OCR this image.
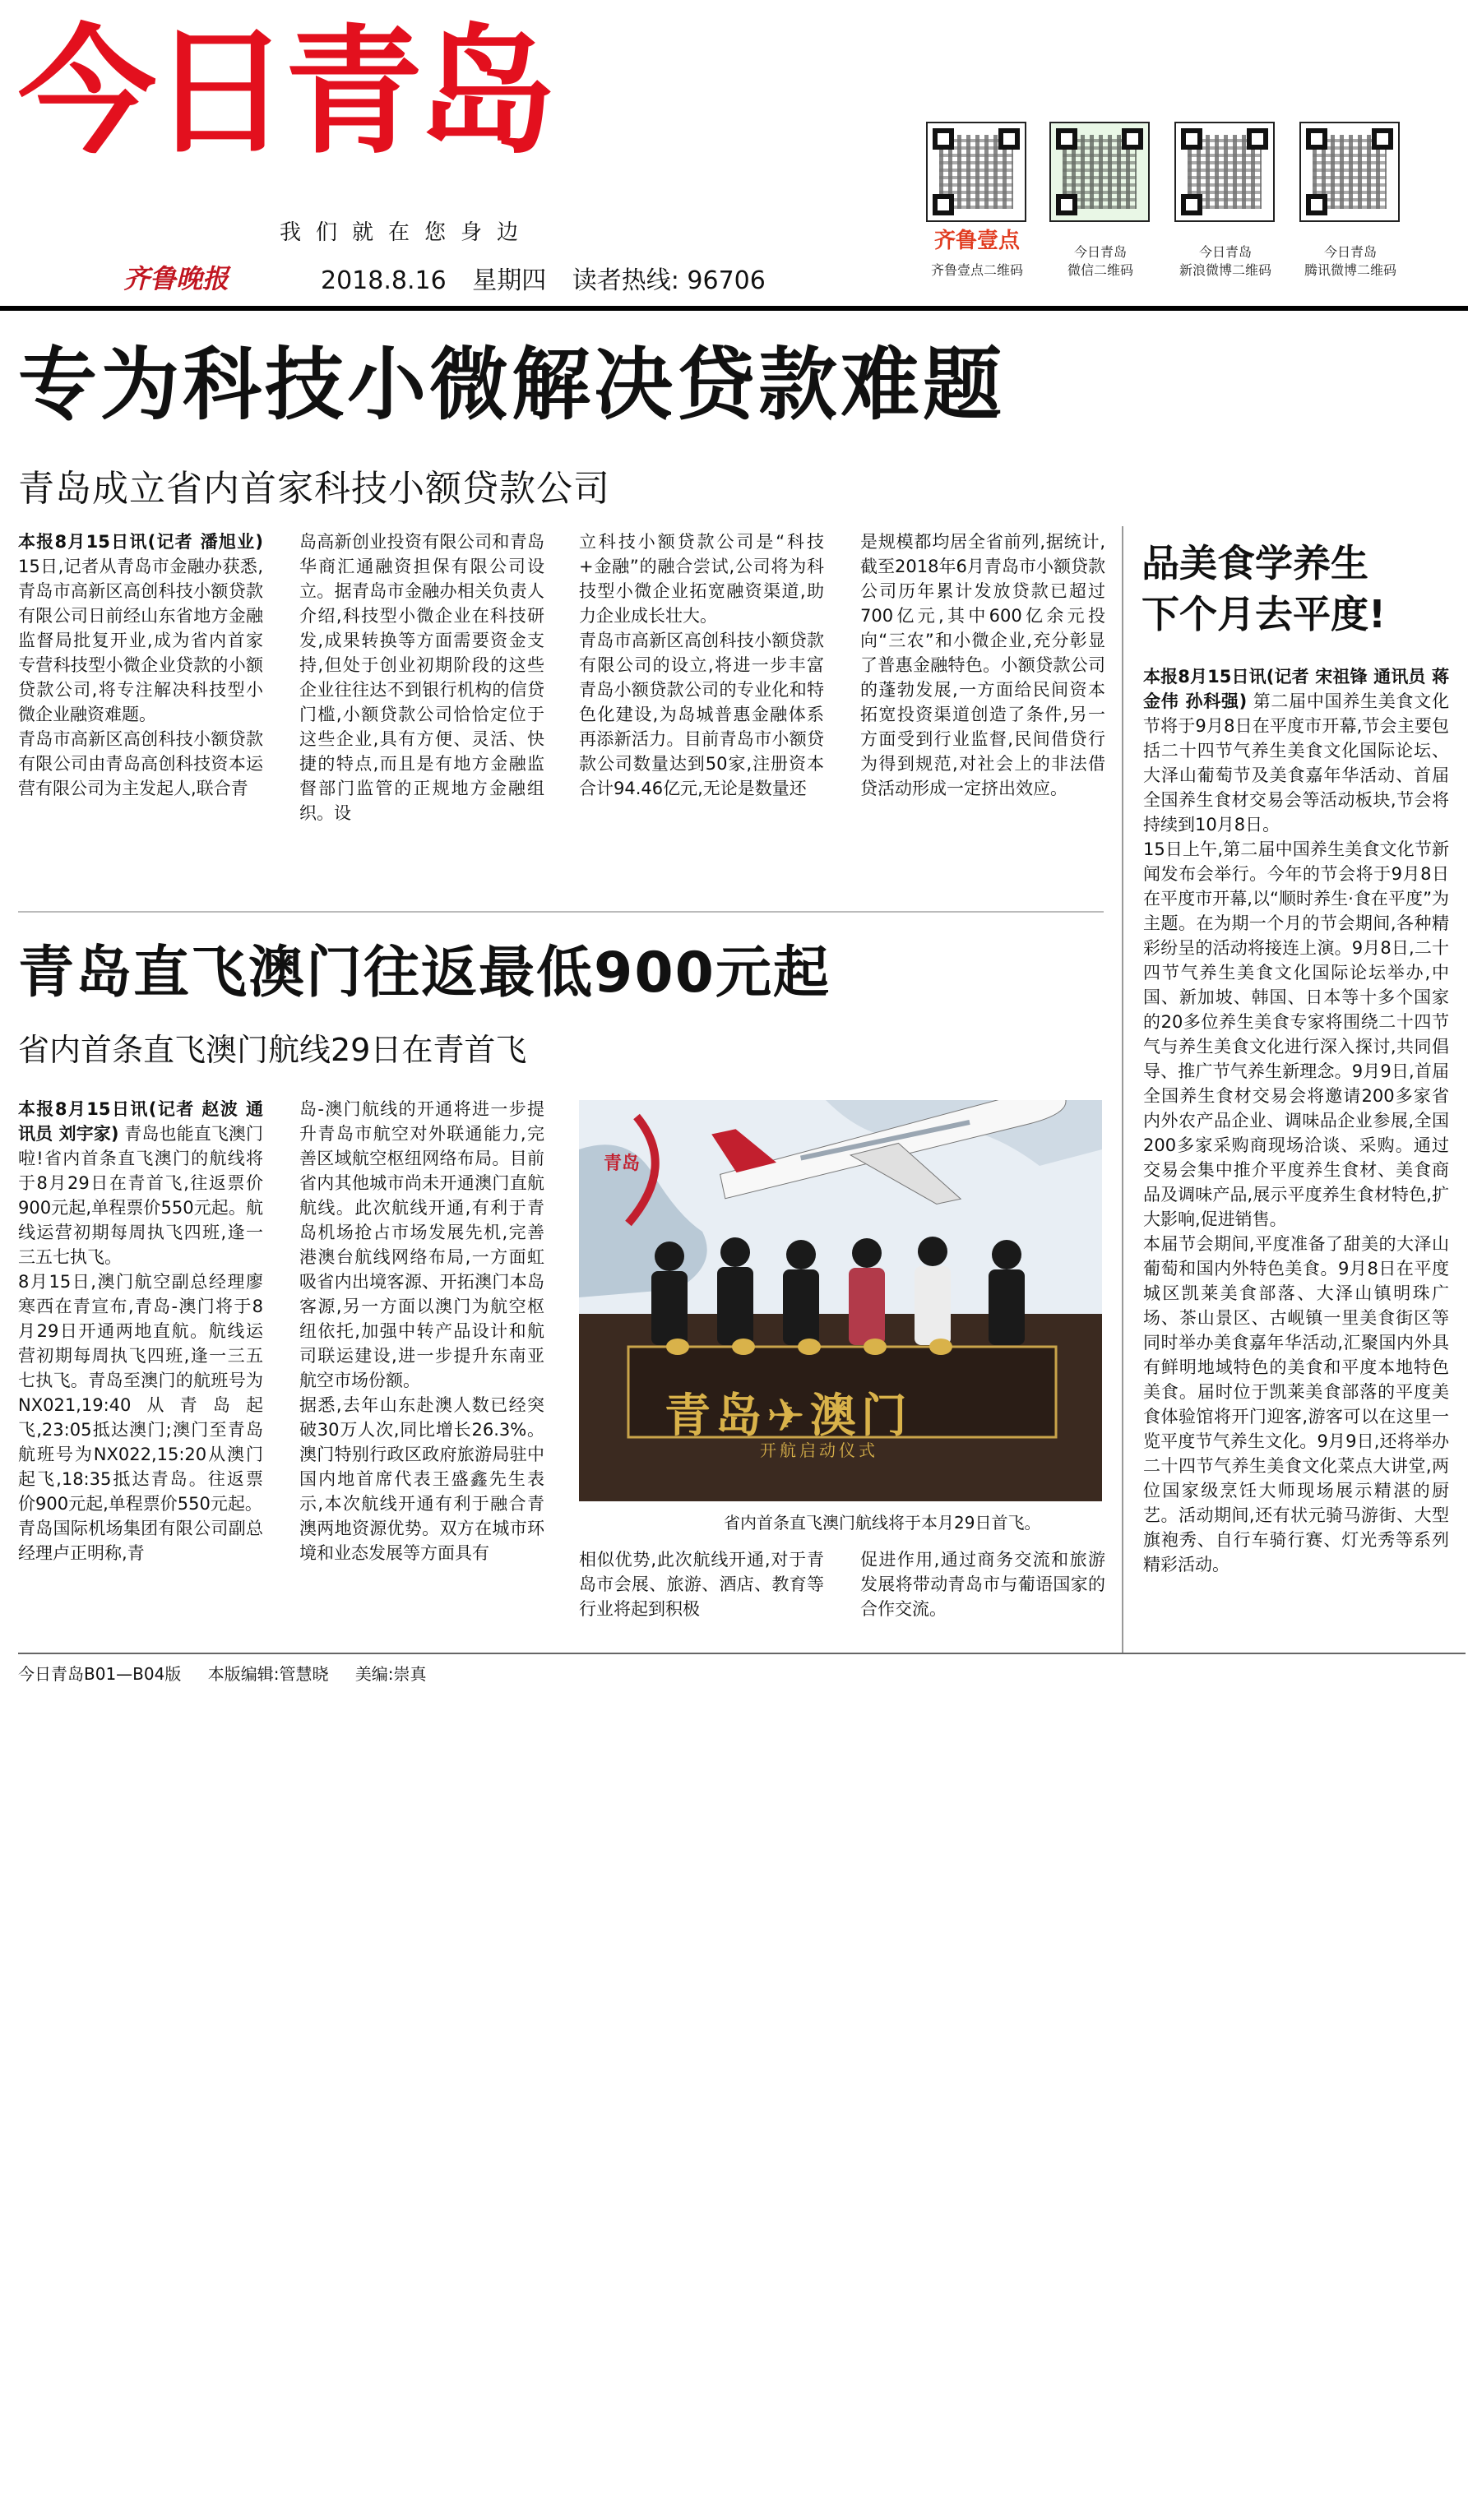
今日青岛
我们就在您身边
齐鲁晚报	2018.8.16 星期四 读者热线: 96706
齐鲁壹点
齐鲁壹点二维码
今日青岛
微信二维码
今日青岛
新浪微博二维码
今日青岛
腾讯微博二维码
专为科技小微解决贷款难题
青岛成立省内首家科技小额贷款公司
本报8月15日讯(记者 潘旭业) 15日,记者从青岛市金融办获悉,青岛市高新区高创科技小额贷款有限公司日前经山东省地方金融监督局批复开业,成为省内首家专营科技型小微企业贷款的小额贷款公司,将专注解决科技型小微企业融资难题。
青岛市高新区高创科技小额贷款有限公司由青岛高创科技资本运营有限公司为主发起人,联合青
岛高新创业投资有限公司和青岛华商汇通融资担保有限公司设立。据青岛市金融办相关负责人介绍,科技型小微企业在科技研发,成果转换等方面需要资金支持,但处于创业初期阶段的这些企业往往达不到银行机构的信贷门槛,小额贷款公司恰恰定位于这些企业,具有方便、灵活、快捷的特点,而且是有地方金融监督部门监管的正规地方金融组织。设
立科技小额贷款公司是“科技+金融”的融合尝试,公司将为科技型小微企业拓宽融资渠道,助力企业成长壮大。
青岛市高新区高创科技小额贷款有限公司的设立,将进一步丰富青岛小额贷款公司的专业化和特色化建设,为岛城普惠金融体系再添新活力。目前青岛市小额贷款公司数量达到50家,注册资本合计94.46亿元,无论是数量还
是规模都均居全省前列,据统计,截至2018年6月青岛市小额贷款公司历年累计发放贷款已超过700亿元,其中600亿余元投向“三农”和小微企业,充分彰显了普惠金融特色。小额贷款公司的蓬勃发展,一方面给民间资本拓宽投资渠道创造了条件,另一方面受到行业监督,民间借贷行为得到规范,对社会上的非法借贷活动形成一定挤出效应。
青岛直飞澳门往返最低900元起
省内首条直飞澳门航线29日在青首飞
本报8月15日讯(记者 赵波 通讯员 刘宇家) 青岛也能直飞澳门啦!省内首条直飞澳门的航线将于8月29日在青首飞,往返票价900元起,单程票价550元起。航线运营初期每周执飞四班,逢一三五七执飞。
8月15日,澳门航空副总经理廖寒西在青宣布,青岛-澳门将于8月29日开通两地直航。航线运营初期每周执飞四班,逢一三五七执飞。青岛至澳门的航班号为NX021,19:40从青岛起飞,23:05抵达澳门;澳门至青岛航班号为NX022,15:20从澳门起飞,18:35抵达青岛。往返票价900元起,单程票价550元起。
青岛国际机场集团有限公司副总经理卢正明称,青
岛-澳门航线的开通将进一步提升青岛市航空对外联通能力,完善区域航空枢纽网络布局。目前省内其他城市尚未开通澳门直航航线。此次航线开通,有利于青岛机场抢占市场发展先机,完善港澳台航线网络布局,一方面虹吸省内出境客源、开拓澳门本岛客源,另一方面以澳门为航空枢纽依托,加强中转产品设计和航司联运建设,进一步提升东南亚航空市场份额。
据悉,去年山东赴澳人数已经突破30万人次,同比增长26.3%。澳门特别行政区政府旅游局驻中国内地首席代表王盛鑫先生表示,本次航线开通有利于融合青澳两地资源优势。双方在城市环境和业态发展等方面具有
青岛✈澳门
开航启动仪式
青岛
省内首条直飞澳门航线将于本月29日首飞。
相似优势,此次航线开通,对于青岛市会展、旅游、酒店、教育等行业将起到积极
促进作用,通过商务交流和旅游发展将带动青岛市与葡语国家的合作交流。
品美食学养生
下个月去平度!
本报8月15日讯(记者 宋祖锋 通讯员 蒋金伟 孙科强) 第二届中国养生美食文化节将于9月8日在平度市开幕,节会主要包括二十四节气养生美食文化国际论坛、大泽山葡萄节及美食嘉年华活动、首届全国养生食材交易会等活动板块,节会将持续到10月8日。
15日上午,第二届中国养生美食文化节新闻发布会举行。今年的节会将于9月8日在平度市开幕,以“顺时养生·食在平度”为主题。在为期一个月的节会期间,各种精彩纷呈的活动将接连上演。9月8日,二十四节气养生美食文化国际论坛举办,中国、新加坡、韩国、日本等十多个国家的20多位养生美食专家将围绕二十四节气与养生美食文化进行深入探讨,共同倡导、推广节气养生新理念。9月9日,首届全国养生食材交易会将邀请200多家省内外农产品企业、调味品企业参展,全国200多家采购商现场洽谈、采购。通过交易会集中推介平度养生食材、美食商品及调味产品,展示平度养生食材特色,扩大影响,促进销售。
本届节会期间,平度准备了甜美的大泽山葡萄和国内外特色美食。9月8日在平度城区凯莱美食部落、大泽山镇明珠广场、茶山景区、古岘镇一里美食街区等同时举办美食嘉年华活动,汇聚国内外具有鲜明地域特色的美食和平度本地特色美食。届时位于凯莱美食部落的平度美食体验馆将开门迎客,游客可以在这里一览平度节气养生文化。9月9日,还将举办二十四节气养生美食文化菜点大讲堂,两位国家级烹饪大师现场展示精湛的厨艺。活动期间,还有状元骑马游街、大型旗袍秀、自行车骑行赛、灯光秀等系列精彩活动。
今日青岛B01—B04版 本版编辑:管慧晓 美编:崇真
